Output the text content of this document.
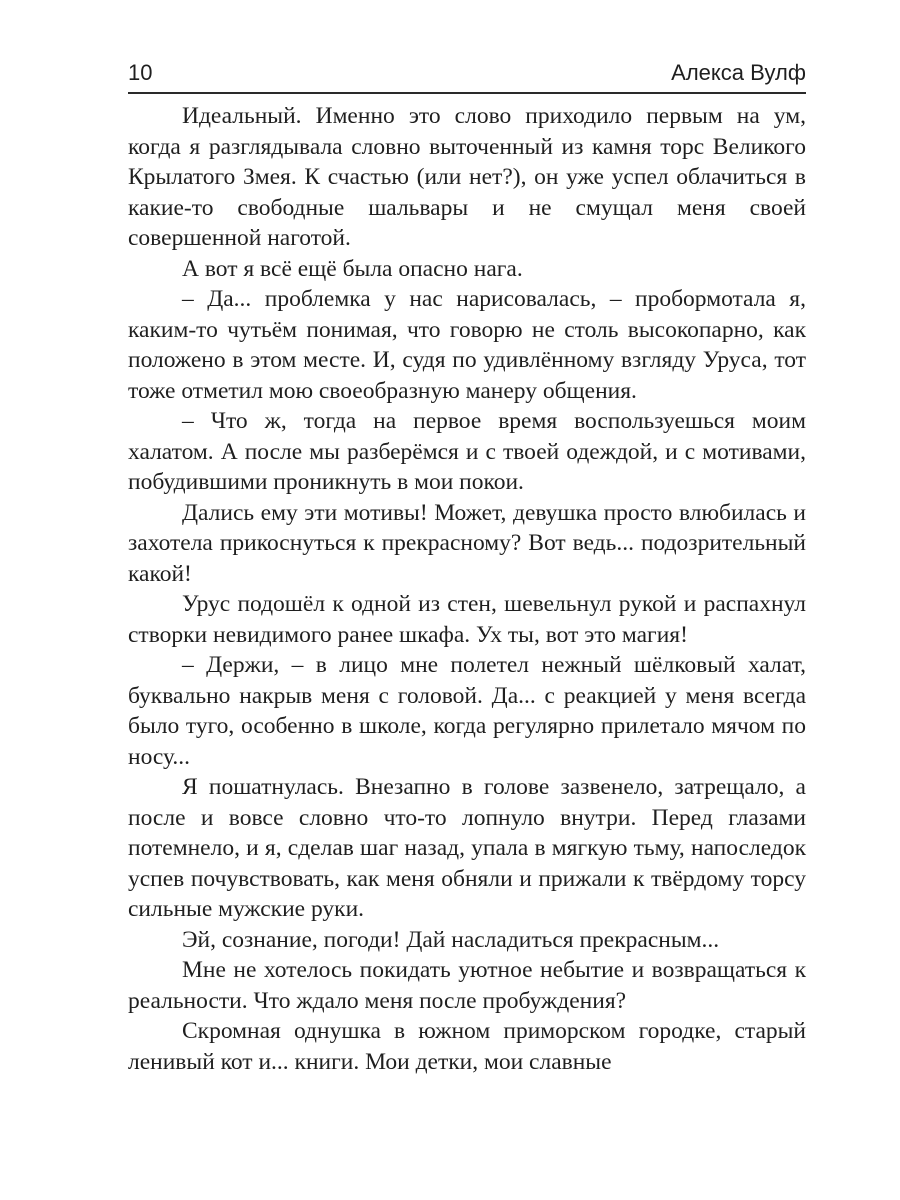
10	Алекса Вулф

Идеальный. Именно это слово приходило первым на ум, когда я разглядывала словно выточенный из камня торс Великого Крылатого Змея. К счастью (или нет?), он уже успел облачиться в какие-то свободные шальвары и не смущал меня своей совершенной наготой.

А вот я всё ещё была опасно нага.

– Да... проблемка у нас нарисовалась, – пробормотала я, каким-то чутьём понимая, что говорю не столь высокопарно, как положено в этом месте. И, судя по удивлённому взгляду Уруса, тот тоже отметил мою своеобразную манеру общения.

– Что ж, тогда на первое время воспользуешься моим халатом. А после мы разберёмся и с твоей одеждой, и с мотивами, побудившими проникнуть в мои покои.

Дались ему эти мотивы! Может, девушка просто влюбилась и захотела прикоснуться к прекрасному? Вот ведь... подозрительный какой!

Урус подошёл к одной из стен, шевельнул рукой и распахнул створки невидимого ранее шкафа. Ух ты, вот это магия!

– Держи, – в лицо мне полетел нежный шёлковый халат, буквально накрыв меня с головой. Да... с реакцией у меня всегда было туго, особенно в школе, когда регулярно прилетало мячом по носу...

Я пошатнулась. Внезапно в голове зазвенело, затрещало, а после и вовсе словно что-то лопнуло внутри. Перед глазами потемнело, и я, сделав шаг назад, упала в мягкую тьму, напоследок успев почувствовать, как меня обняли и прижали к твёрдому торсу сильные мужские руки.

Эй, сознание, погоди! Дай насладиться прекрасным...

Мне не хотелось покидать уютное небытие и возвращаться к реальности. Что ждало меня после пробуждения?

Скромная однушка в южном приморском городке, старый ленивый кот и... книги. Мои детки, мои славные
